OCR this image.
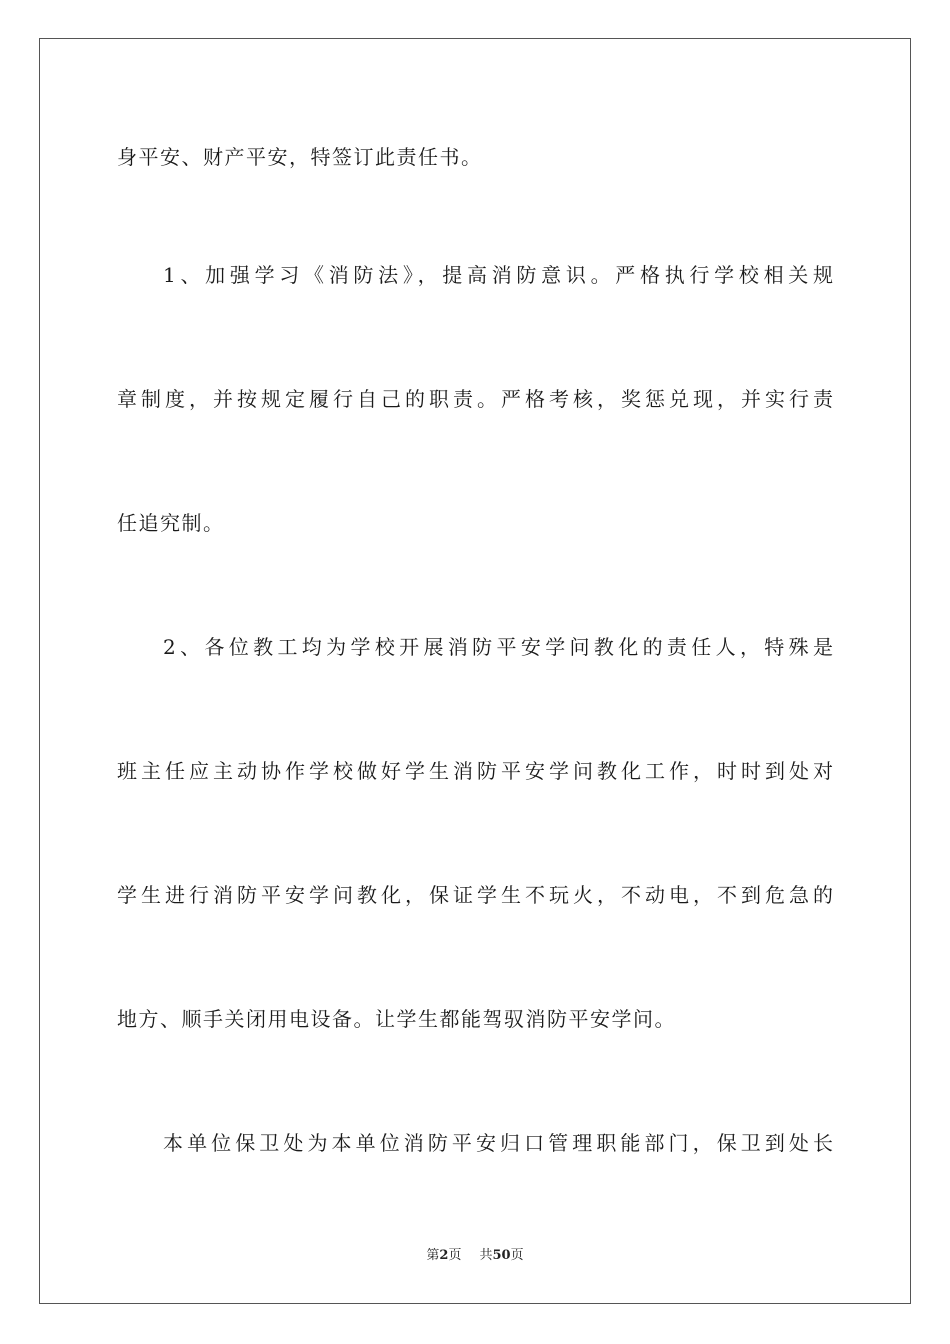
身平安、财产平安，特签订此责任书。
1、加强学习《消防法》，提高消防意识。严格执行学校相关规
章制度，并按规定履行自己的职责。严格考核，奖惩兑现，并实行责
任追究制。
2、各位教工均为学校开展消防平安学问教化的责任人，特殊是
班主任应主动协作学校做好学生消防平安学问教化工作，时时到处对
学生进行消防平安学问教化，保证学生不玩火，不动电，不到危急的
地方、顺手关闭用电设备。让学生都能驾驭消防平安学问。
本单位保卫处为本单位消防平安归口管理职能部门，保卫到处长
第2页 共50页
